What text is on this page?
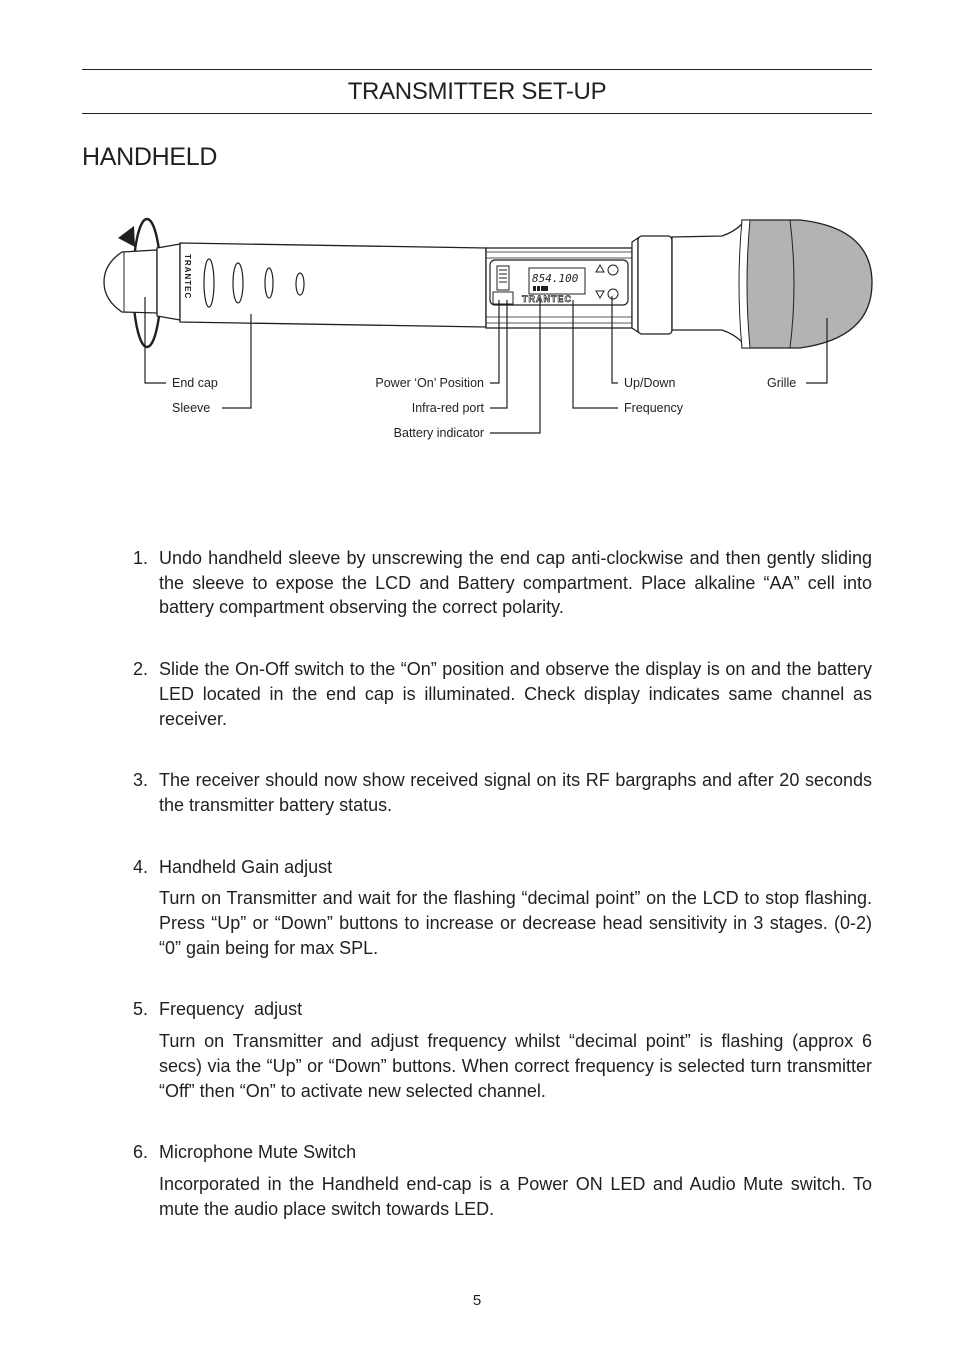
TRANSMITTER SET-UP
HANDHELD
TRANTEC	854.100
TRANTEC
End cap
Sleeve
Power ‘On’ Position
Infra-red port
Battery indicator
Up/Down
Frequency
Grille
1. Undo handheld sleeve by unscrewing the end cap anti-clockwise and then gently sliding the sleeve to expose the LCD and Battery compartment. Place alkaline “AA” cell into battery compartment observing the correct polarity.
2. Slide the On-Off switch to the “On” position and observe the display is on and the battery LED located in the end cap is illuminated. Check display indicates same channel as receiver.
3. The receiver should now show received signal on its RF bargraphs and after 20 seconds the transmitter battery status.
4. Handheld Gain adjust
Turn on Transmitter and wait for the flashing “decimal point” on the LCD to stop flashing. Press “Up” or “Down” buttons to increase or decrease head sensitivity in 3 stages. (0-2) “0” gain being for max SPL.
5. Frequency  adjust
Turn on Transmitter and adjust frequency whilst “decimal point” is flashing (approx 6 secs) via the “Up” or “Down” buttons. When correct frequency is selected turn transmitter “Off” then “On” to activate new selected channel.
6. Microphone Mute Switch
Incorporated in the Handheld end-cap is a Power ON LED and Audio Mute switch. To mute the audio place switch towards LED.
5
